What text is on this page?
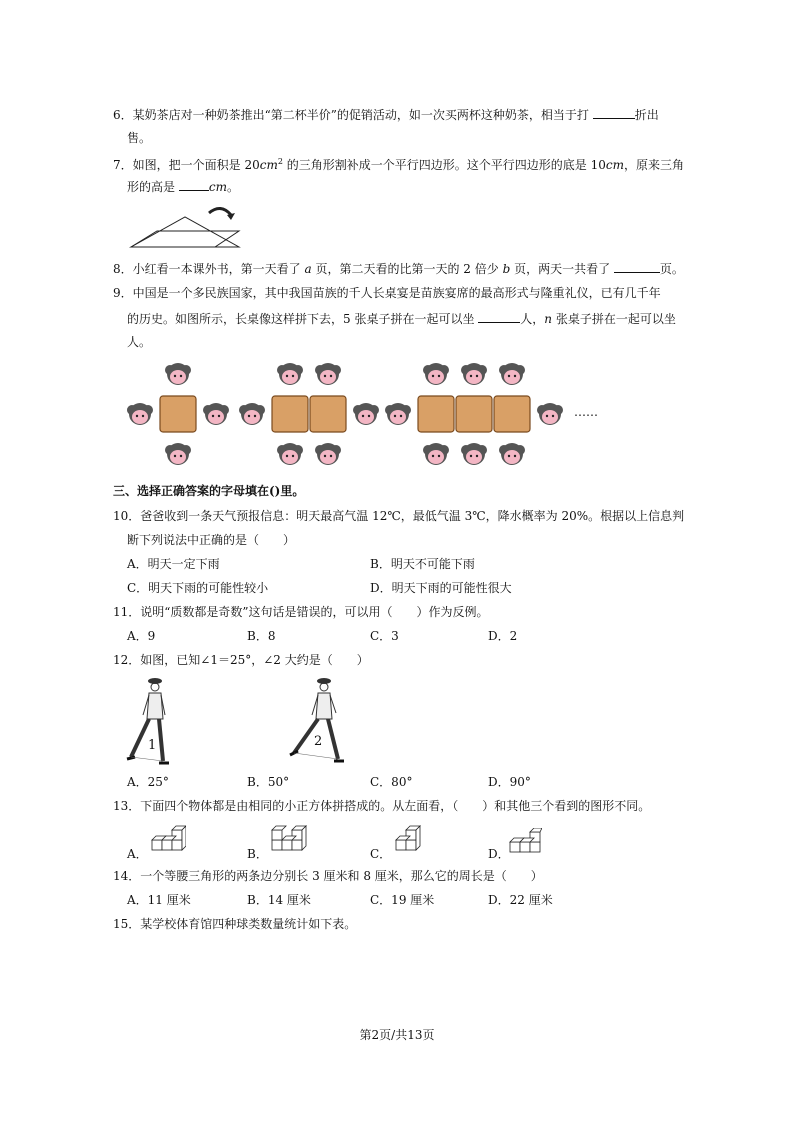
6．某奶茶店对一种奶茶推出“第二杯半价”的促销活动，如一次买两杯这种奶茶，相当于打	折出
售。
7．如图，把一个面积是 $20cm^2$ 的三角形割补成一个平行四边形。这个平行四边形的底是 10cm，原来三角
形的高是	cm。
8．小红看一本课外书，第一天看了 a 页，第二天看的比第一天的 2 倍少 b 页，两天一共看了	页。
9．中国是一个多民族国家，其中我国苗族的千人长桌宴是苗族宴席的最高形式与隆重礼仪，已有几千年
的历史。如图所示，长桌像这样拼下去，5 张桌子拼在一起可以坐	人，n 张桌子拼在一起可以坐
人。
……
三、选择正确答案的字母填在()里。
10．爸爸收到一条天气预报信息：明天最高气温 12℃，最低气温 3℃，降水概率为 20%。根据以上信息判
断下列说法中正确的是（　　）
A．明天一定下雨	B．明天不可能下雨
C．明天下雨的可能性较小	D．明天下雨的可能性很大
11．说明“质数都是奇数”这句话是错误的，可以用（　　）作为反例。
A．9	B．8	C．3	D．2
12．如图，已知∠1＝25°，∠2 大约是（　　）
1	2
A．25°	B．50°	C．80°	D．90°
13．下面四个物体都是由相同的小正方体拼搭成的。从左面看，（　　）和其他三个看到的图形不同。
A．	B．	C．	D．
14．一个等腰三角形的两条边分别长 3 厘米和 8 厘米，那么它的周长是（　　）
A．11 厘米	B．14 厘米	C．19 厘米	D．22 厘米
15．某学校体育馆四种球类数量统计如下表。
第2页/共13页
